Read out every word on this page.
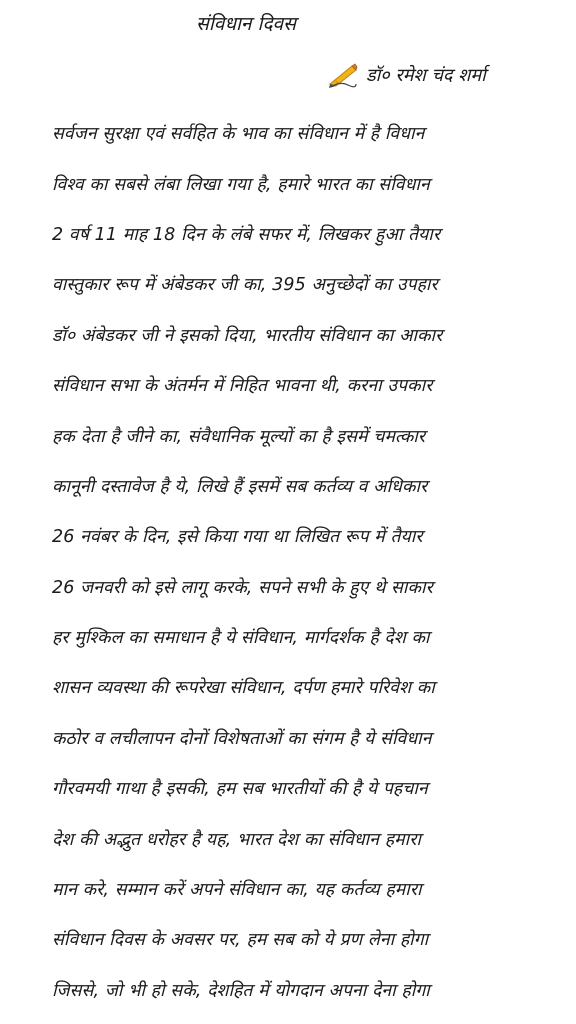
संविधान दिवस
डॉ० रमेश चंद शर्मा
सर्वजन सुरक्षा एवं सर्वहित के भाव का संविधान में है विधान
विश्व का सबसे लंबा लिखा गया है, हमारे भारत का संविधान
2 वर्ष 11 माह 18 दिन के लंबे सफर में, लिखकर हुआ तैयार
वास्तुकार रूप में अंबेडकर जी का, 395 अनुच्छेदों का उपहार
डॉ० अंबेडकर जी ने इसको दिया, भारतीय संविधान का आकार
संविधान सभा के अंतर्मन में निहित भावना थी, करना उपकार
हक देता है जीने का, संवैधानिक मूल्यों का है इसमें चमत्कार
कानूनी दस्तावेज है ये, लिखे हैं इसमें सब कर्तव्य व अधिकार
26 नवंबर के दिन, इसे किया गया था लिखित रूप में तैयार
26 जनवरी को इसे लागू करके, सपने सभी के हुए थे साकार
हर मुश्किल का समाधान है ये संविधान, मार्गदर्शक है देश का
शासन व्यवस्था की रूपरेखा संविधान, दर्पण हमारे परिवेश का
कठोर व लचीलापन दोनों विशेषताओं का संगम है ये संविधान
गौरवमयी गाथा है इसकी, हम सब भारतीयों की है ये पहचान
देश की अद्भुत धरोहर है यह, भारत देश का संविधान हमारा
मान करे, सम्मान करें अपने संविधान का, यह कर्तव्य हमारा
संविधान दिवस के अवसर पर, हम सब को ये प्रण लेना होगा
जिससे, जो भी हो सके, देशहित में योगदान अपना देना होगा
